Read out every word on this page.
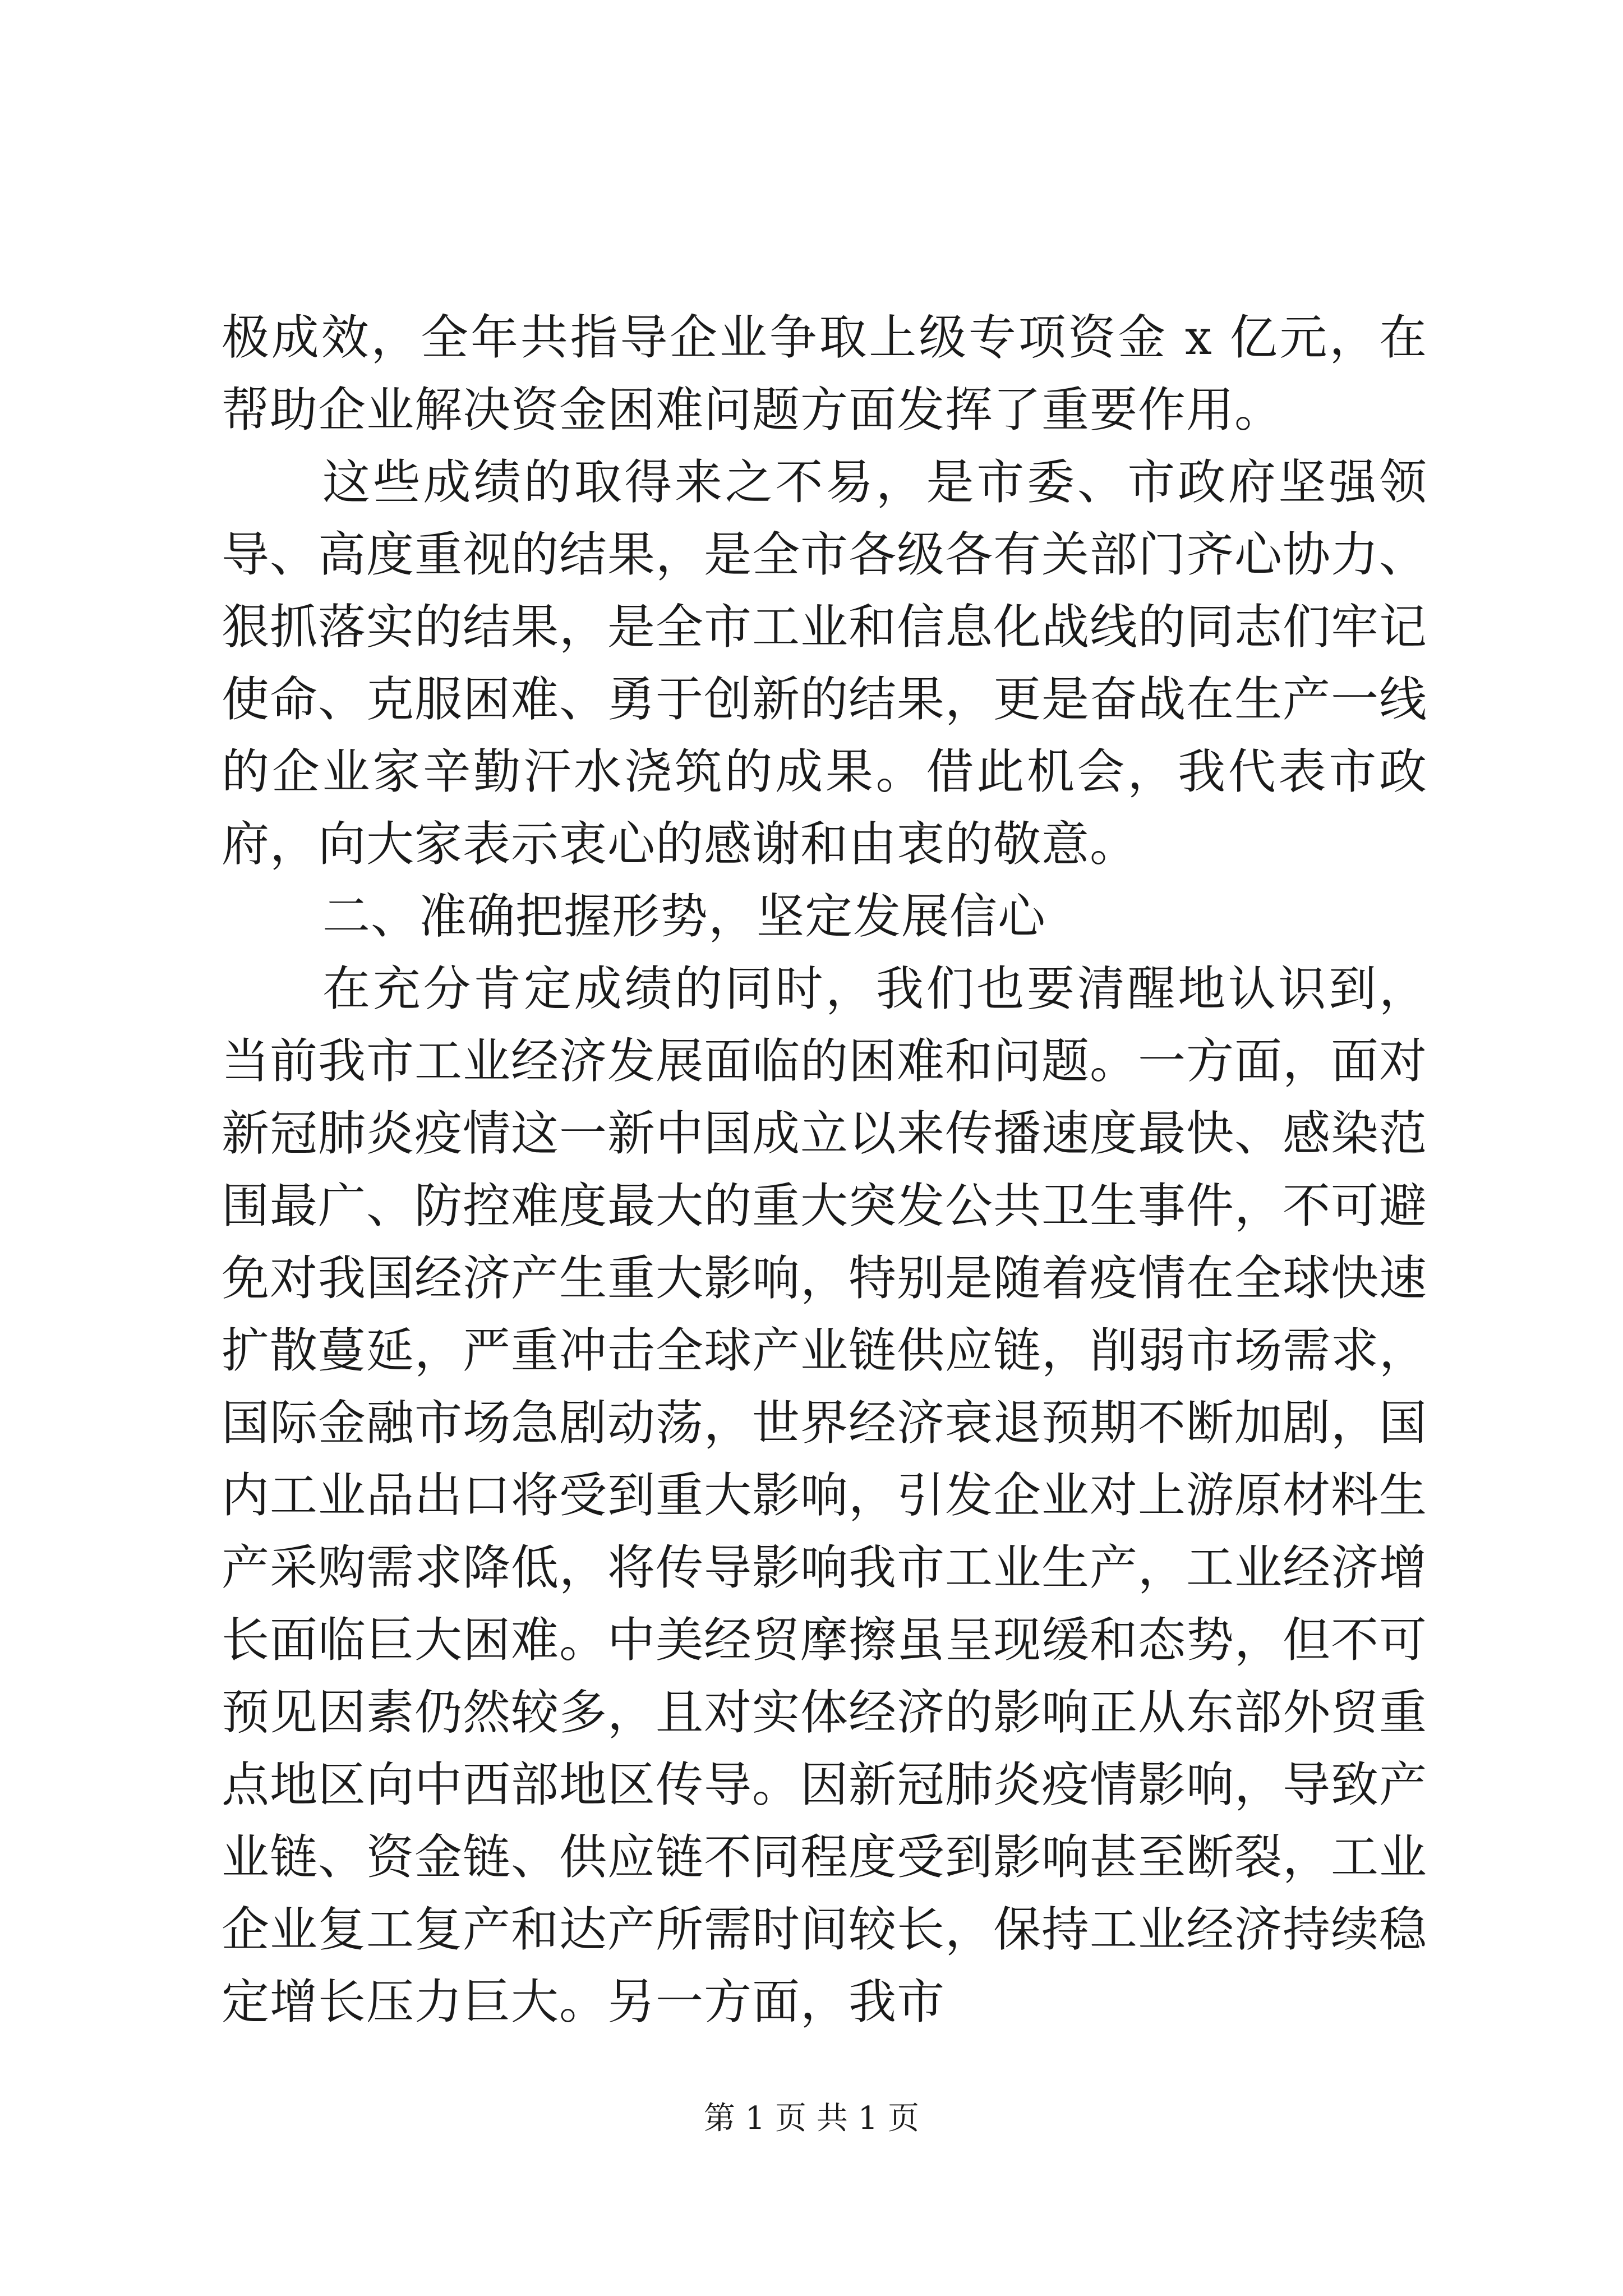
极成效，全年共指导企业争取上级专项资金 x 亿元，在帮助企业解决资金困难问题方面发挥了重要作用。

这些成绩的取得来之不易，是市委、市政府坚强领导、高度重视的结果，是全市各级各有关部门齐心协力、狠抓落实的结果，是全市工业和信息化战线的同志们牢记使命、克服困难、勇于创新的结果，更是奋战在生产一线的企业家辛勤汗水浇筑的成果。借此机会，我代表市政府，向大家表示衷心的感谢和由衷的敬意。

二、准确把握形势，坚定发展信心

在充分肯定成绩的同时，我们也要清醒地认识到，当前我市工业经济发展面临的困难和问题。一方面，面对新冠肺炎疫情这一新中国成立以来传播速度最快、感染范围最广、防控难度最大的重大突发公共卫生事件，不可避免对我国经济产生重大影响，特别是随着疫情在全球快速扩散蔓延，严重冲击全球产业链供应链，削弱市场需求，国际金融市场急剧动荡，世界经济衰退预期不断加剧，国内工业品出口将受到重大影响，引发企业对上游原材料生产采购需求降低，将传导影响我市工业生产，工业经济增长面临巨大困难。中美经贸摩擦虽呈现缓和态势，但不可预见因素仍然较多，且对实体经济的影响正从东部外贸重点地区向中西部地区传导。因新冠肺炎疫情影响，导致产业链、资金链、供应链不同程度受到影响甚至断裂，工业企业复工复产和达产所需时间较长，保持工业经济持续稳定增长压力巨大。另一方面，我市

第 1 页 共 1 页
